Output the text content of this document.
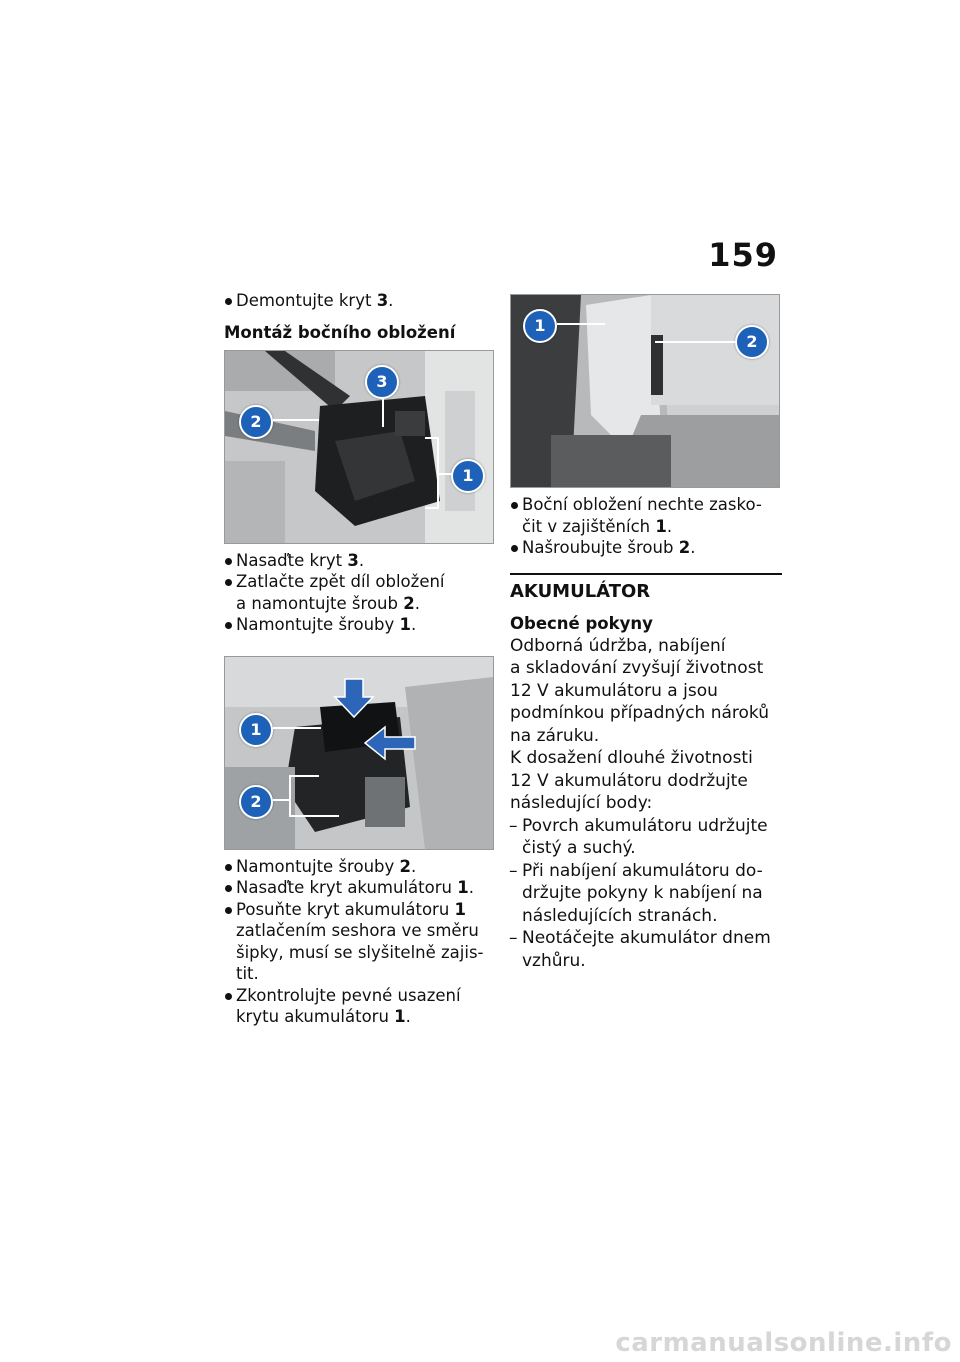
159
Demontujte kryt 3.
Montáž bočního obložení
2
3
1
Nasaďte kryt 3.
Zatlačte zpět díl obložení
a namontujte šroub 2.
Namontujte šrouby 1.
1
2
Namontujte šrouby 2.
Nasaďte kryt akumulátoru 1.
Posuňte kryt akumulátoru 1
zatlačením seshora ve směru
šipky, musí se slyšitelně zajis-
tit.
Zkontrolujte pevné usazení
krytu akumulátoru 1.
1
2
Boční obložení nechte zasko-
čit v zajištěních 1.
Našroubujte šroub 2.
AKUMULÁTOR
Obecné pokyny
Odborná údržba, nabíjení
a skladování zvyšují životnost
12 V akumulátoru a jsou
podmínkou případných nároků
na záruku.
K dosažení dlouhé životnosti
12 V akumulátoru dodržujte
následující body:
– Povrch akumulátoru udržujte
čistý a suchý.
– Při nabíjení akumulátoru do-
držujte pokyny k nabíjení na
následujících stranách.
– Neotáčejte akumulátor dnem
vzhůru.
carmanualsonline.info
